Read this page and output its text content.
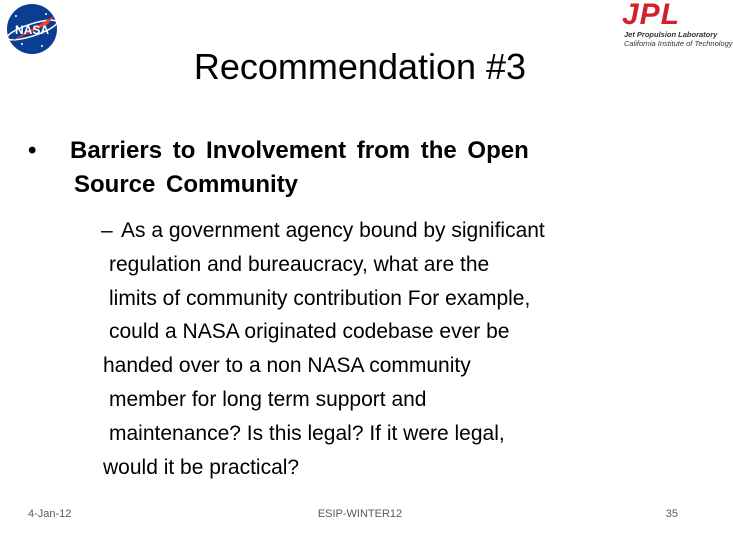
NASA	JPL
Jet Propulsion Laboratory
California Institute of Technology
Recommendation #3
• Barriers to Involvement from the Open
Source Community
– As a government agency bound by significant
regulation and bureaucracy, what are the
limits of community contribution For example,
could a NASA originated codebase ever be
handed over to a non NASA community
member for long term support and
maintenance? Is this legal? If it were legal,
would it be practical?
4-Jan-12	ESIP-WINTER12	35
